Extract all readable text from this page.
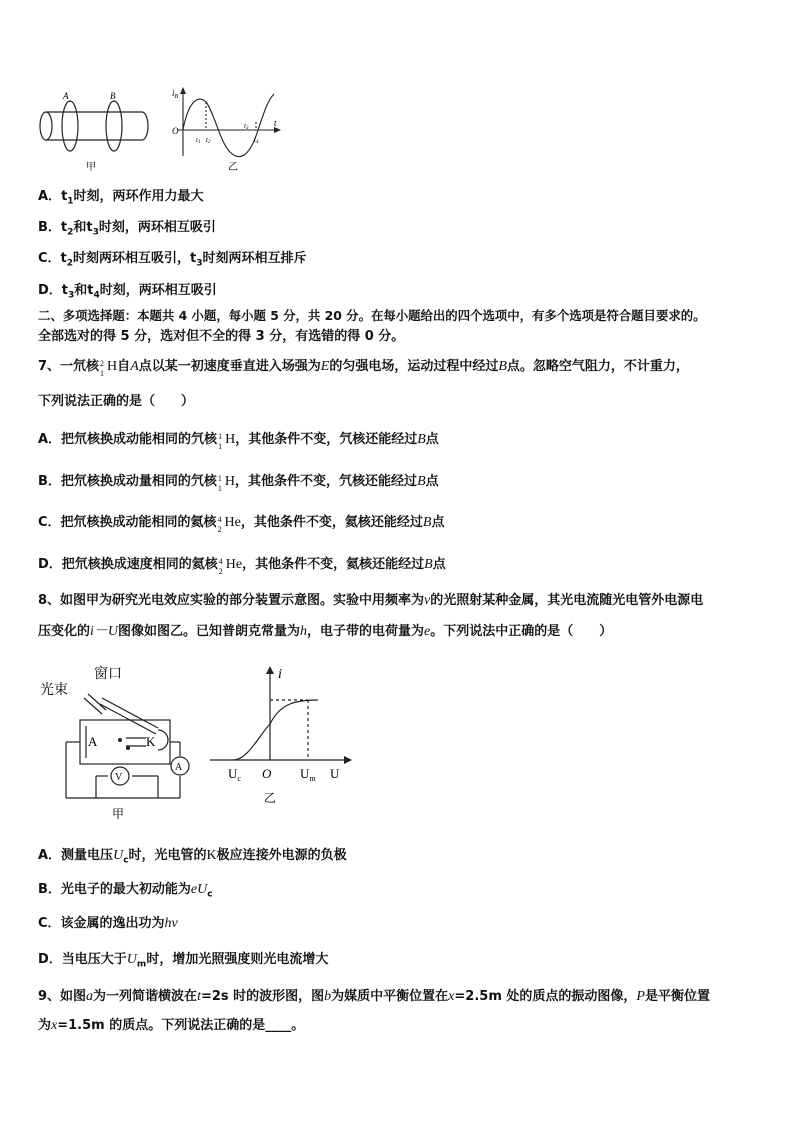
A	B
甲
$i_B$
t
O
t1 t2
t3
t4
乙
A．$t_1$时刻，两环作用力最大
B．$t_2$和$t_3$时刻，两环相互吸引
C．$t_2$时刻两环相互吸引，$t_3$时刻两环相互排斥
D．$t_3$和$t_4$时刻，两环相互吸引
二、多项选择题：本题共 4 小题，每小题 5 分，共 20 分。在每小题给出的四个选项中，有多个选项是符合题目要求的。
全部选对的得 5 分，选对但不全的得 3 分，有选错的得 0 分。
7、一氘核 2
1 H自A点以某一初速度垂直进入场强为E的匀强电场，运动过程中经过B点。忽略空气阻力，不计重力，
下列说法正确的是（　　）
A．把氘核换成动能相同的氕核 1
1 H，其他条件不变，氕核还能经过B点
B．把氘核换成动量相同的氕核 1
1 H，其他条件不变，氕核还能经过B点
C．把氘核换成动能相同的氦核 4
2 He，其他条件不变，氦核还能经过B点
D．把氘核换成速度相同的氦核 4
2 He，其他条件不变，氦核还能经过B点
8、如图甲为研究光电效应实验的部分装置示意图。实验中用频率为ν的光照射某种金属，其光电流随光电管外电源电
压变化的i－U图像如图乙。已知普朗克常量为h，电子带的电荷量为e。下列说法中正确的是（　　）
光束
窗口
A	K
V
A
甲
i
$U_c$ O $U_m$ U
乙
A．测量电压$U_c$时，光电管的K极应连接外电源的负极
B．光电子的最大初动能为$eU_c$
C．该金属的逸出功为hν
D．当电压大于$U_m$时，增加光照强度则光电流增大
9、如图a为一列简谐横波在t=2s 时的波形图，图b为媒质中平衡位置在x=2.5m 处的质点的振动图像，P是平衡位置
为x=1.5m 的质点。下列说法正确的是____。
